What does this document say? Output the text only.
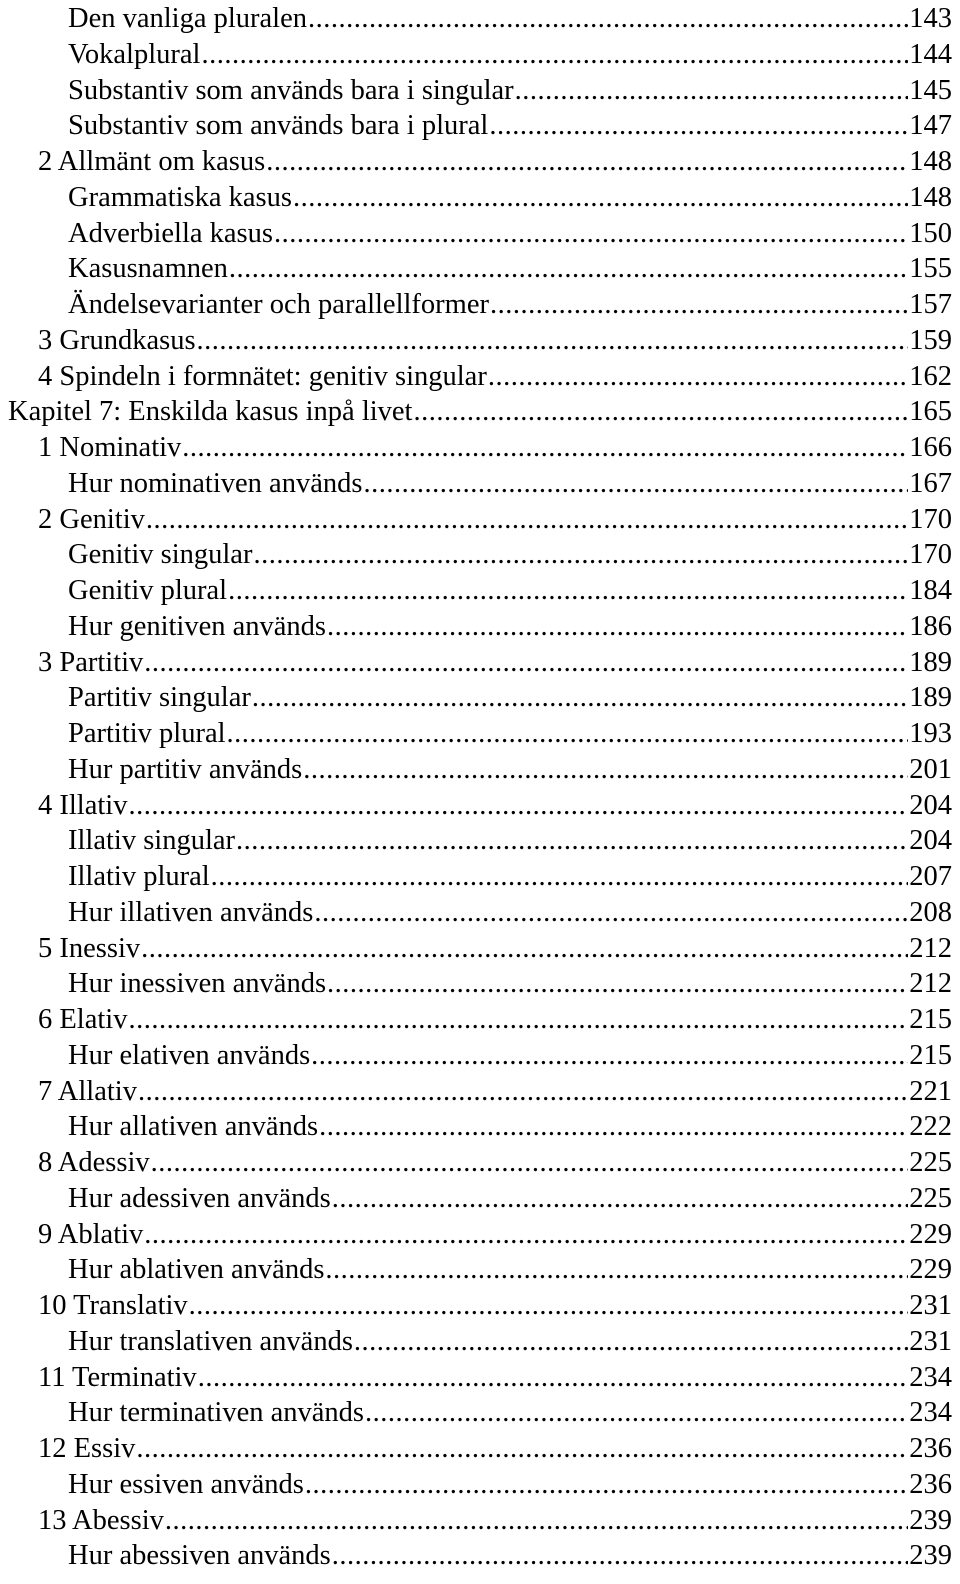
Den vanliga pluralen .....	143
Vokalplural .....	144
Substantiv som används bara i singular .....	145
Substantiv som används bara i plural .....	147
2 Allmänt om kasus .....	148
Grammatiska kasus .....	148
Adverbiella kasus .....	150
Kasusnamnen .....	155
Ändelsevarianter och parallellformer .....	157
3 Grundkasus .....	159
4 Spindeln i formnätet: genitiv singular .....	162
Kapitel 7: Enskilda kasus inpå livet .....	165
1 Nominativ .....	166
Hur nominativen används .....	167
2 Genitiv .....	170
Genitiv singular .....	170
Genitiv plural .....	184
Hur genitiven används .....	186
3 Partitiv .....	189
Partitiv singular .....	189
Partitiv plural .....	193
Hur partitiv används .....	201
4 Illativ .....	204
Illativ singular .....	204
Illativ plural .....	207
Hur illativen används .....	208
5 Inessiv .....	212
Hur inessiven används .....	212
6 Elativ .....	215
Hur elativen används .....	215
7 Allativ .....	221
Hur allativen används .....	222
8 Adessiv .....	225
Hur adessiven används .....	225
9 Ablativ .....	229
Hur ablativen används .....	229
10 Translativ .....	231
Hur translativen används .....	231
11 Terminativ .....	234
Hur terminativen används .....	234
12 Essiv .....	236
Hur essiven används .....	236
13 Abessiv .....	239
Hur abessiven används .....	239
